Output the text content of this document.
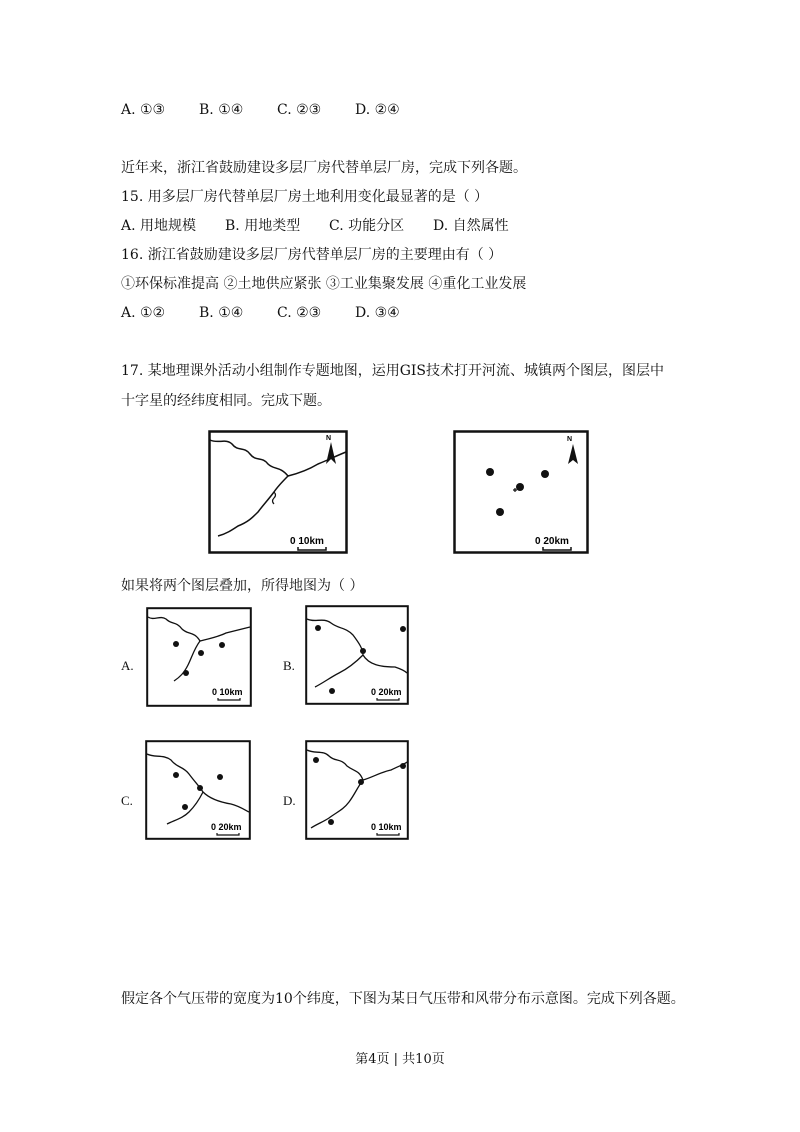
A. ①③ B. ①④ C. ②③ D. ②④
近年来，浙江省鼓励建设多层厂房代替单层厂房，完成下列各题。
15. 用多层厂房代替单层厂房土地利用变化最显著的是（ ）
A. 用地规模 B. 用地类型 C. 功能分区 D. 自然属性
16. 浙江省鼓励建设多层厂房代替单层厂房的主要理由有（ ）
①环保标准提高 ②土地供应紧张 ③工业集聚发展 ④重化工业发展
A. ①② B. ①④ C. ②③ D. ③④
17. 某地理课外活动小组制作专题地图，运用GIS技术打开河流、城镇两个图层，图层中
十字星的经纬度相同。完成下题。
N
0 10km
N
0 20km
如果将两个图层叠加，所得地图为（ ）
A.
0 10km
B.
0 20km
C.
0 20km
D.
0 10km
假定各个气压带的宽度为10个纬度，下图为某日气压带和风带分布示意图。完成下列各题。
第4页 | 共10页
